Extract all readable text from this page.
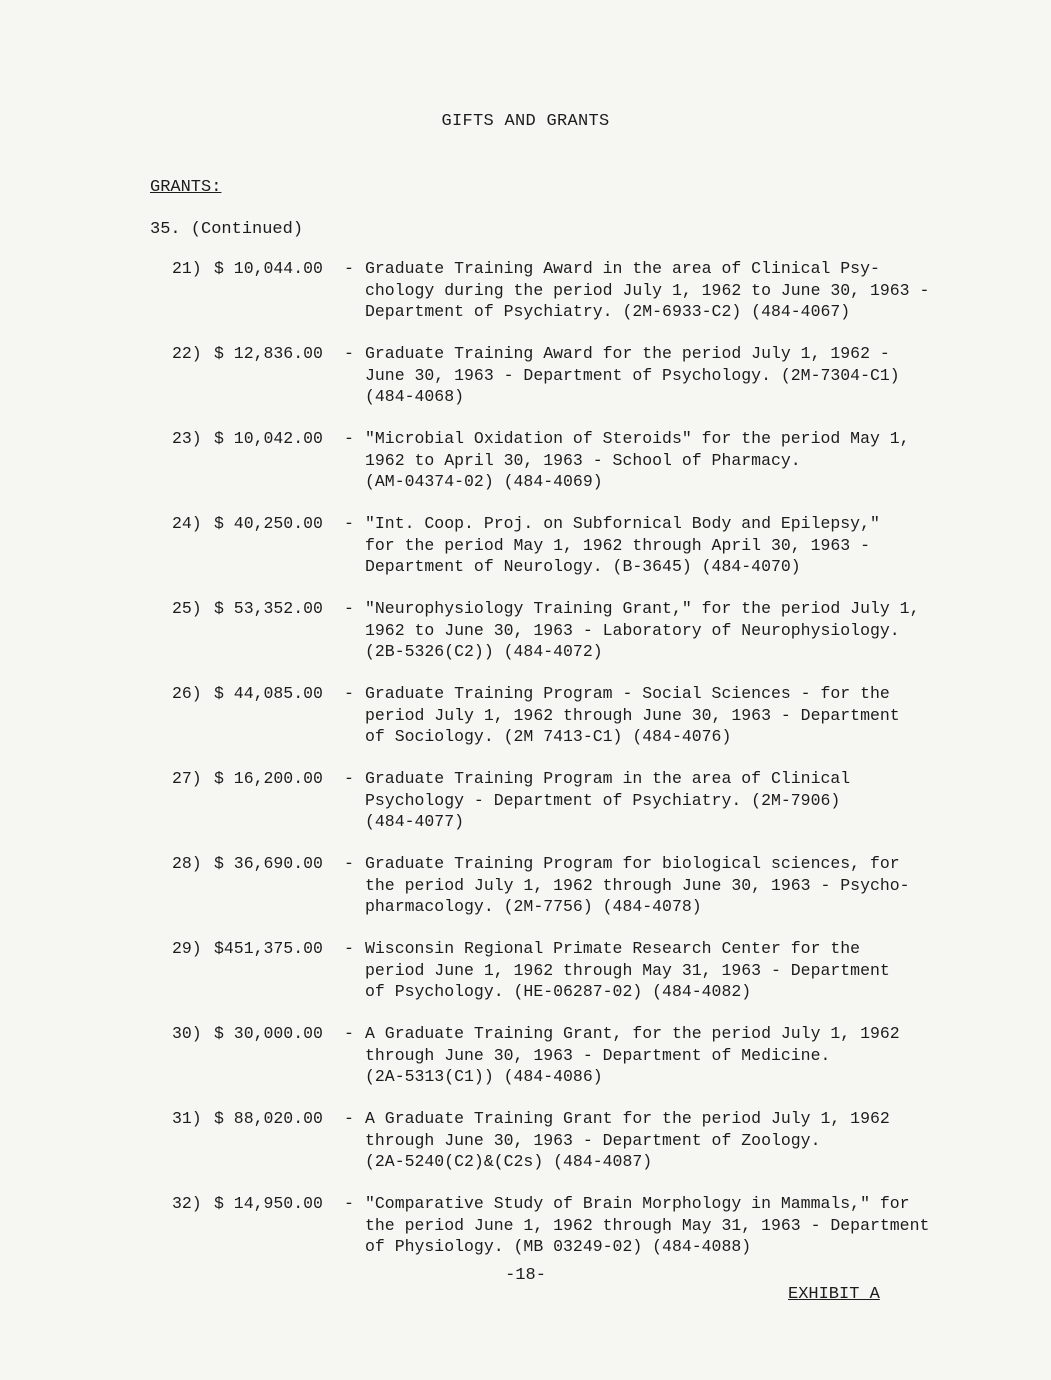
GIFTS AND GRANTS
GRANTS:
35. (Continued)
21) $ 10,044.00	- Graduate Training Award in the area of Clinical Psy-
chology during the period July 1, 1962 to June 30, 1963 -
Department of Psychiatry. (2M-6933-C2) (484-4067)
22) $ 12,836.00	- Graduate Training Award for the period July 1, 1962 -
June 30, 1963 - Department of Psychology. (2M-7304-C1)
(484-4068)
23) $ 10,042.00	- "Microbial Oxidation of Steroids" for the period May 1,
1962 to April 30, 1963 - School of Pharmacy.
(AM-04374-02) (484-4069)
24) $ 40,250.00	- "Int. Coop. Proj. on Subfornical Body and Epilepsy,"
for the period May 1, 1962 through April 30, 1963 -
Department of Neurology. (B-3645) (484-4070)
25) $ 53,352.00	- "Neurophysiology Training Grant," for the period July 1,
1962 to June 30, 1963 - Laboratory of Neurophysiology.
(2B-5326(C2)) (484-4072)
26) $ 44,085.00	- Graduate Training Program - Social Sciences - for the
period July 1, 1962 through June 30, 1963 - Department
of Sociology. (2M 7413-C1) (484-4076)
27) $ 16,200.00	- Graduate Training Program in the area of Clinical
Psychology - Department of Psychiatry. (2M-7906)
(484-4077)
28) $ 36,690.00	- Graduate Training Program for biological sciences, for
the period July 1, 1962 through June 30, 1963 - Psycho-
pharmacology. (2M-7756) (484-4078)
29) $451,375.00	- Wisconsin Regional Primate Research Center for the
period June 1, 1962 through May 31, 1963 - Department
of Psychology. (HE-06287-02) (484-4082)
30) $ 30,000.00	- A Graduate Training Grant, for the period July 1, 1962
through June 30, 1963 - Department of Medicine.
(2A-5313(C1)) (484-4086)
31) $ 88,020.00	- A Graduate Training Grant for the period July 1, 1962
through June 30, 1963 - Department of Zoology.
(2A-5240(C2)&(C2s) (484-4087)
32) $ 14,950.00	- "Comparative Study of Brain Morphology in Mammals," for
the period June 1, 1962 through May 31, 1963 - Department
of Physiology. (MB 03249-02) (484-4088)
-18-
EXHIBIT A
